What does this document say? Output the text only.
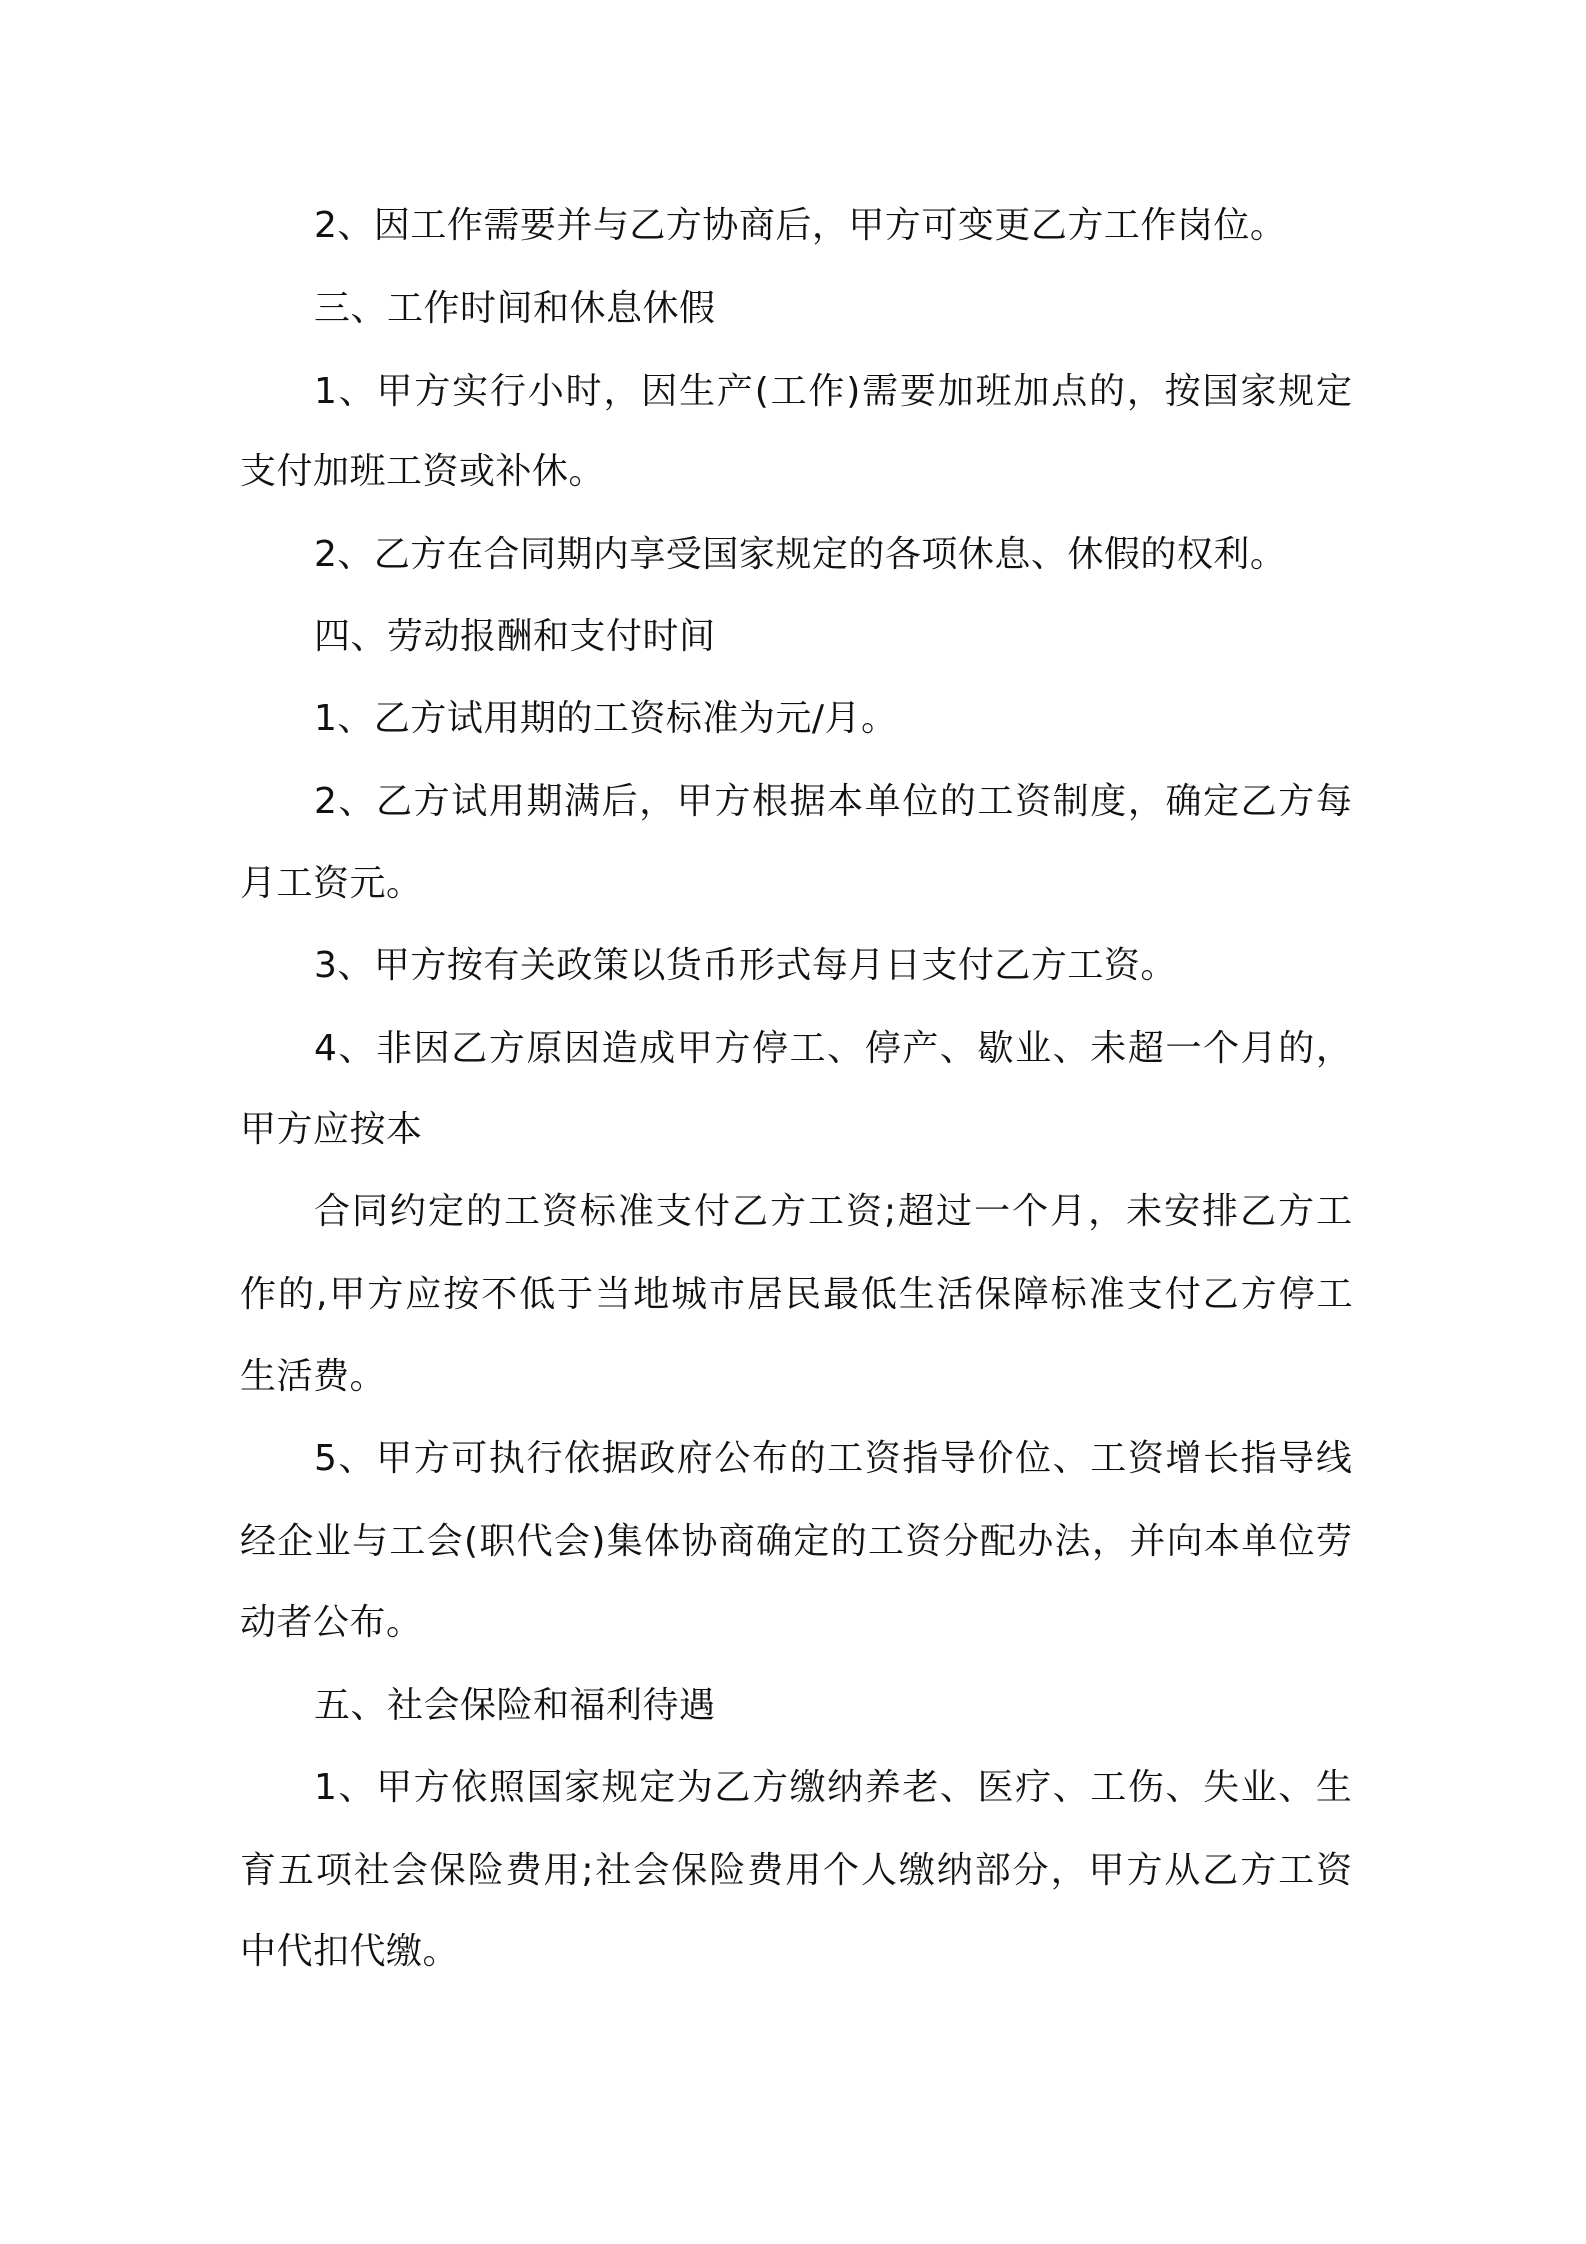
2、因工作需要并与乙方协商后，甲方可变更乙方工作岗位。
三、工作时间和休息休假
1、甲方实行小时，因生产(工作)需要加班加点的，按国家规定
支付加班工资或补休。
2、乙方在合同期内享受国家规定的各项休息、休假的权利。
四、劳动报酬和支付时间
1、乙方试用期的工资标准为元/月。
2、乙方试用期满后，甲方根据本单位的工资制度，确定乙方每
月工资元。
3、甲方按有关政策以货币形式每月日支付乙方工资。
4、非因乙方原因造成甲方停工、停产、歇业、未超一个月的，
甲方应按本
合同约定的工资标准支付乙方工资;超过一个月，未安排乙方工
作的,甲方应按不低于当地城市居民最低生活保障标准支付乙方停工
生活费。
5、甲方可执行依据政府公布的工资指导价位、工资增长指导线
经企业与工会(职代会)集体协商确定的工资分配办法，并向本单位劳
动者公布。
五、社会保险和福利待遇
1、甲方依照国家规定为乙方缴纳养老、医疗、工伤、失业、生
育五项社会保险费用;社会保险费用个人缴纳部分，甲方从乙方工资
中代扣代缴。
